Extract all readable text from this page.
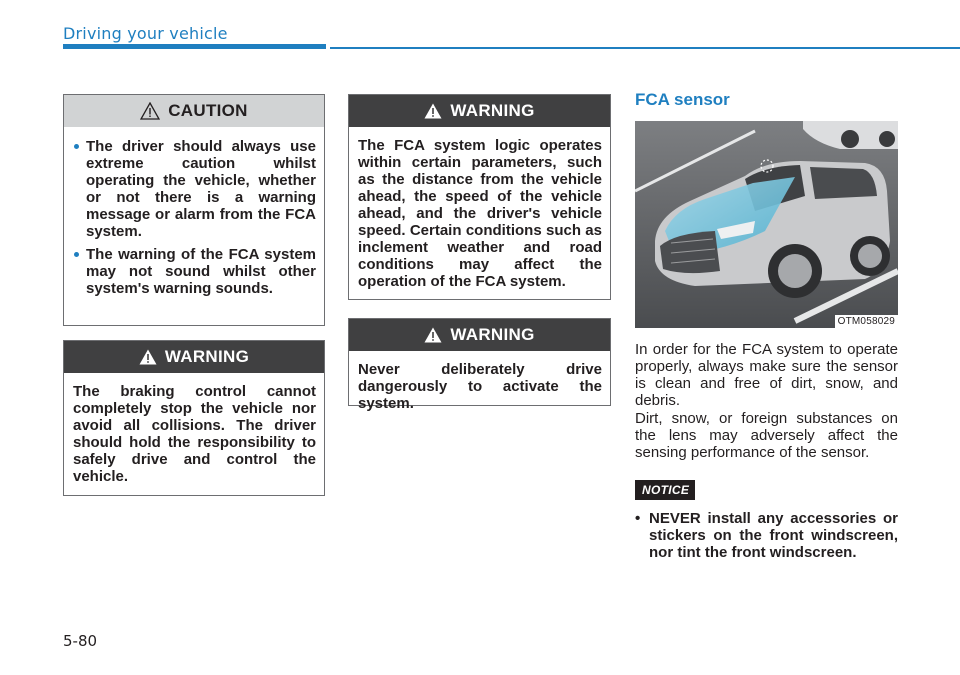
Driving your vehicle
CAUTION
The driver should always use extreme caution whilst operating the vehicle, whether or not there is a warning message or alarm from the FCA system.
The warning of the FCA system may not sound whilst other system's warning sounds.
WARNING
The braking control cannot completely stop the vehicle nor avoid all collisions. The driver should hold the responsibility to safely drive and control the vehicle.
WARNING
The FCA system logic operates within certain parameters, such as the distance from the vehicle ahead, the speed of the vehicle ahead, and the driver's vehicle speed. Certain conditions such as inclement weather and road conditions may affect the operation of the FCA system.
WARNING
Never deliberately drive dangerously to activate the system.
FCA sensor
OTM058029
In order for the FCA system to operate properly, always make sure the sensor is clean and free of dirt, snow, and debris.
Dirt, snow, or foreign substances on the lens may adversely affect the sensing performance of the sensor.
NOTICE
• NEVER install any accessories or stickers on the front windscreen, nor tint the front windscreen.
5-80
